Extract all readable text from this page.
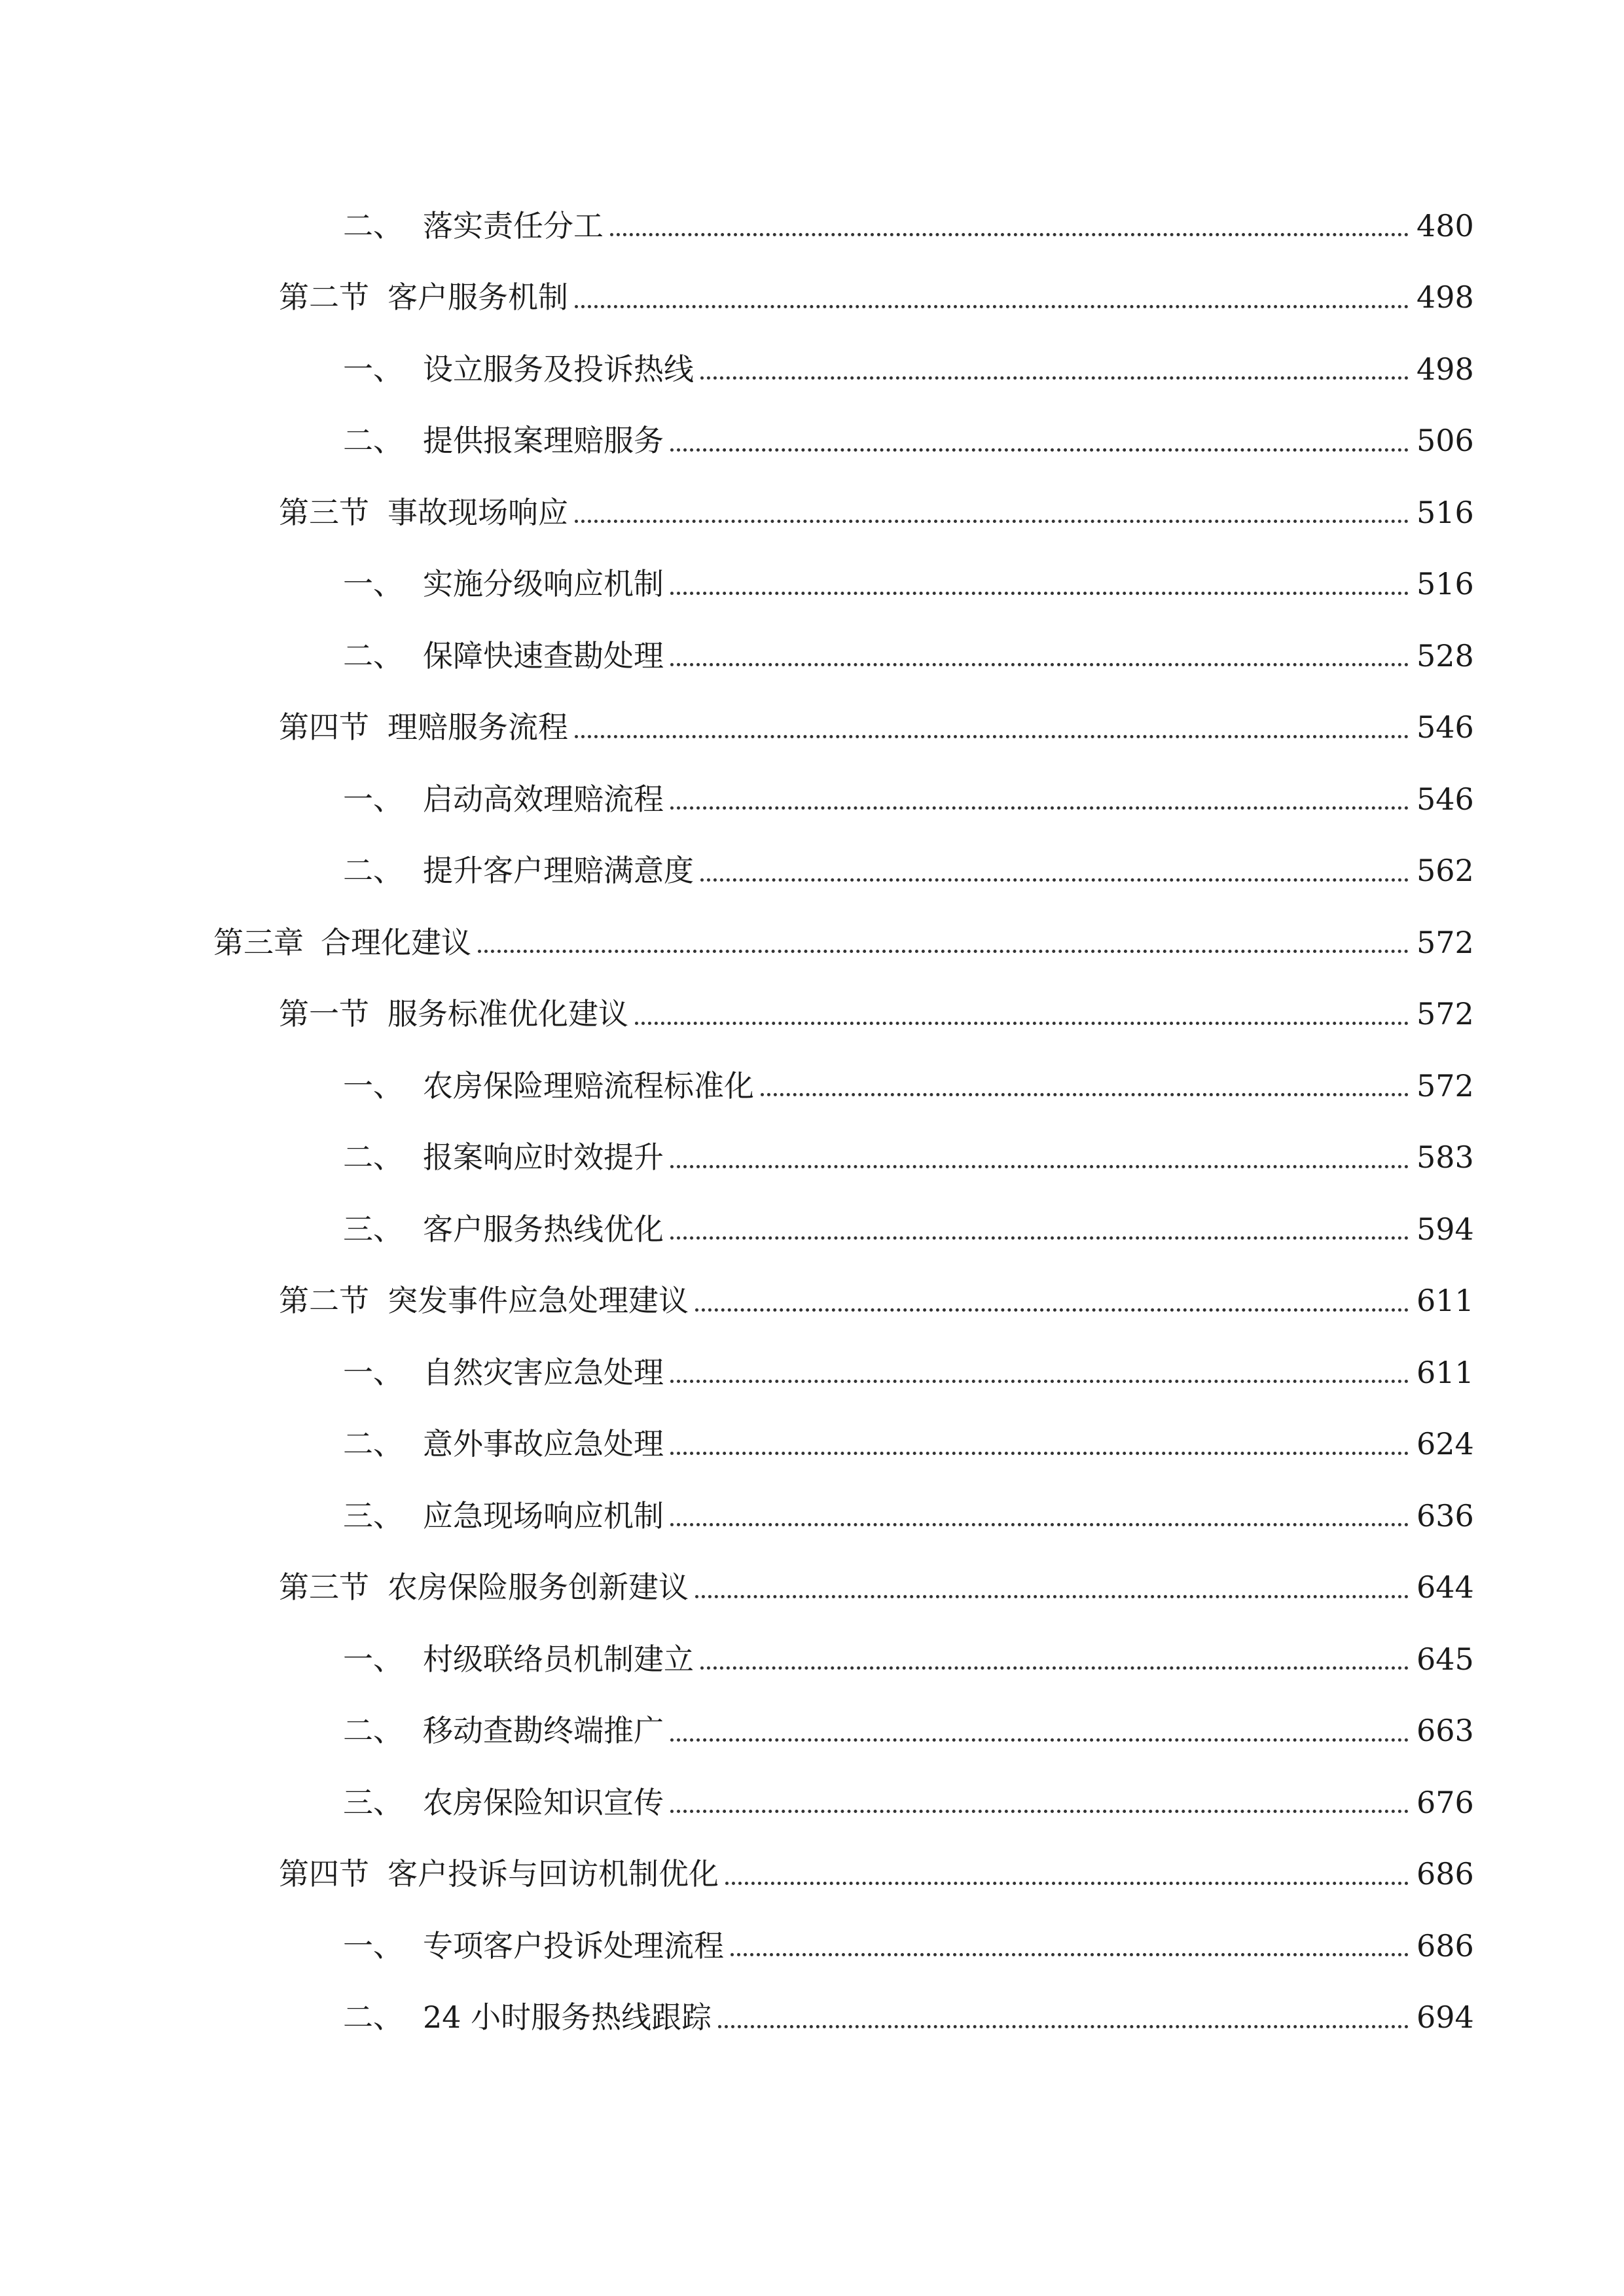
二、 落实责任分工	480
第二节 客户服务机制	498
一、 设立服务及投诉热线	498
二、 提供报案理赔服务	506
第三节 事故现场响应	516
一、 实施分级响应机制	516
二、 保障快速查勘处理	528
第四节 理赔服务流程	546
一、 启动高效理赔流程	546
二、 提升客户理赔满意度	562
第三章 合理化建议	572
第一节 服务标准优化建议	572
一、 农房保险理赔流程标准化	572
二、 报案响应时效提升	583
三、 客户服务热线优化	594
第二节 突发事件应急处理建议	611
一、 自然灾害应急处理	611
二、 意外事故应急处理	624
三、 应急现场响应机制	636
第三节 农房保险服务创新建议	644
一、 村级联络员机制建立	645
二、 移动查勘终端推广	663
三、 农房保险知识宣传	676
第四节 客户投诉与回访机制优化	686
一、 专项客户投诉处理流程	686
二、 24 小时服务热线跟踪	694
